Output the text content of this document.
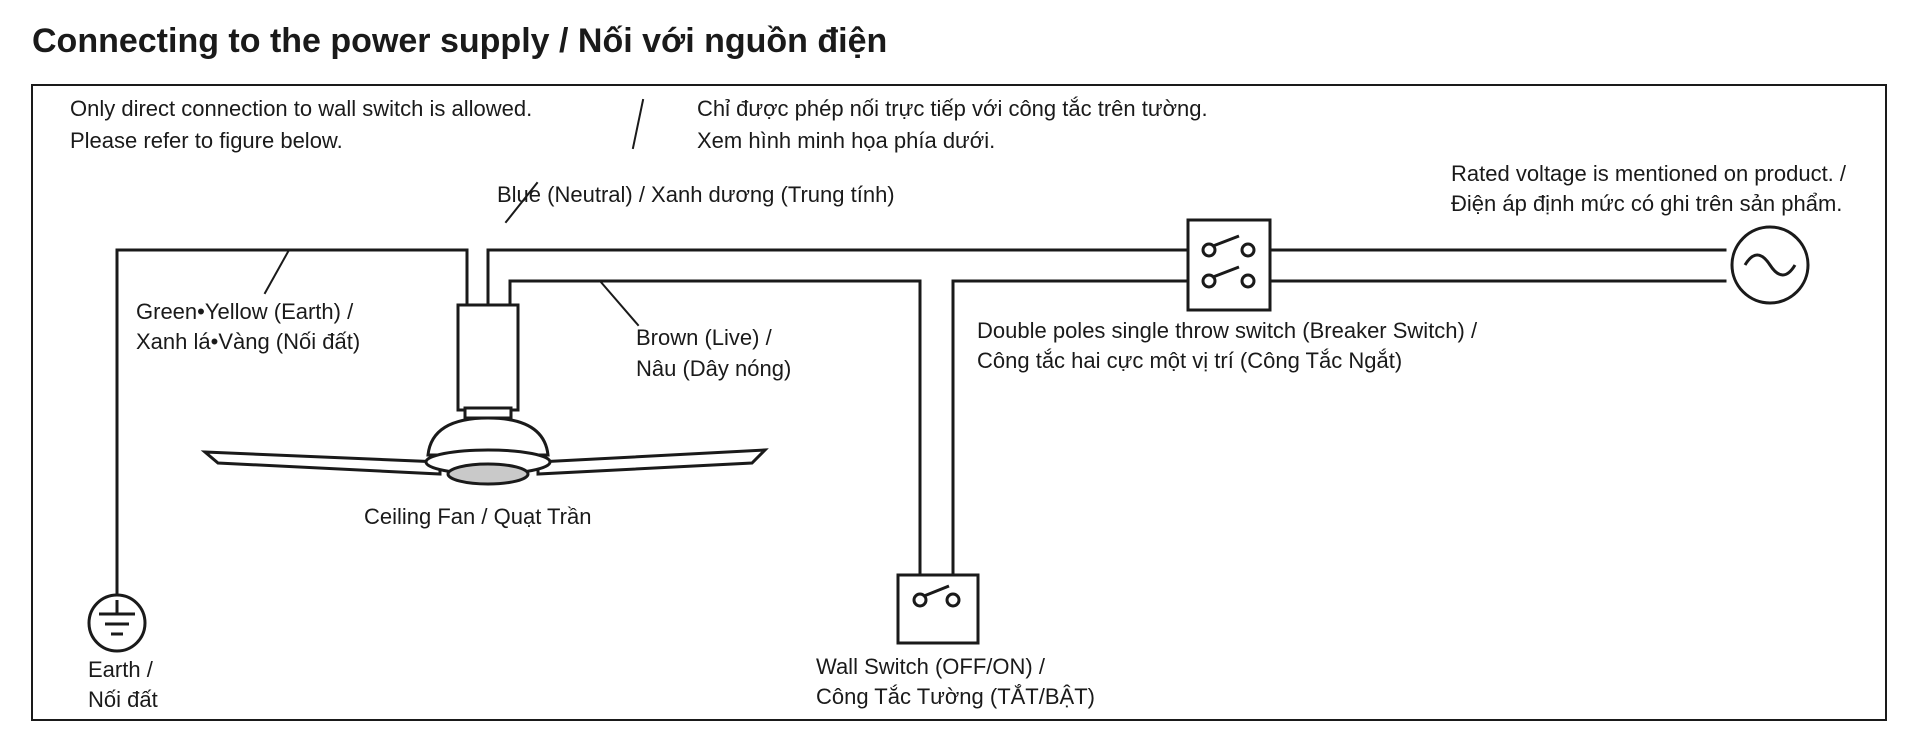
Connecting to the power supply / Nối với nguồn điện
Only direct connection to wall switch is allowed.
Please refer to figure below.
Chỉ được phép nối trực tiếp với công tắc trên tường.
Xem hình minh họa phía dưới.
Blue (Neutral) / Xanh dương (Trung tính)
Green•Yellow (Earth) /
Xanh lá•Vàng (Nối đất)	Brown (Live) /
Nâu (Dây nóng)
Ceiling Fan / Quạt Trần
Earth /
Nối đất
Wall Switch (OFF/ON) /
Công Tắc Tường (TẮT/BẬT)
Double poles single throw switch (Breaker Switch) /
Công tắc hai cực một vị trí (Công Tắc Ngắt)
Rated voltage is mentioned on product. /
Điện áp định mức có ghi trên sản phẩm.
